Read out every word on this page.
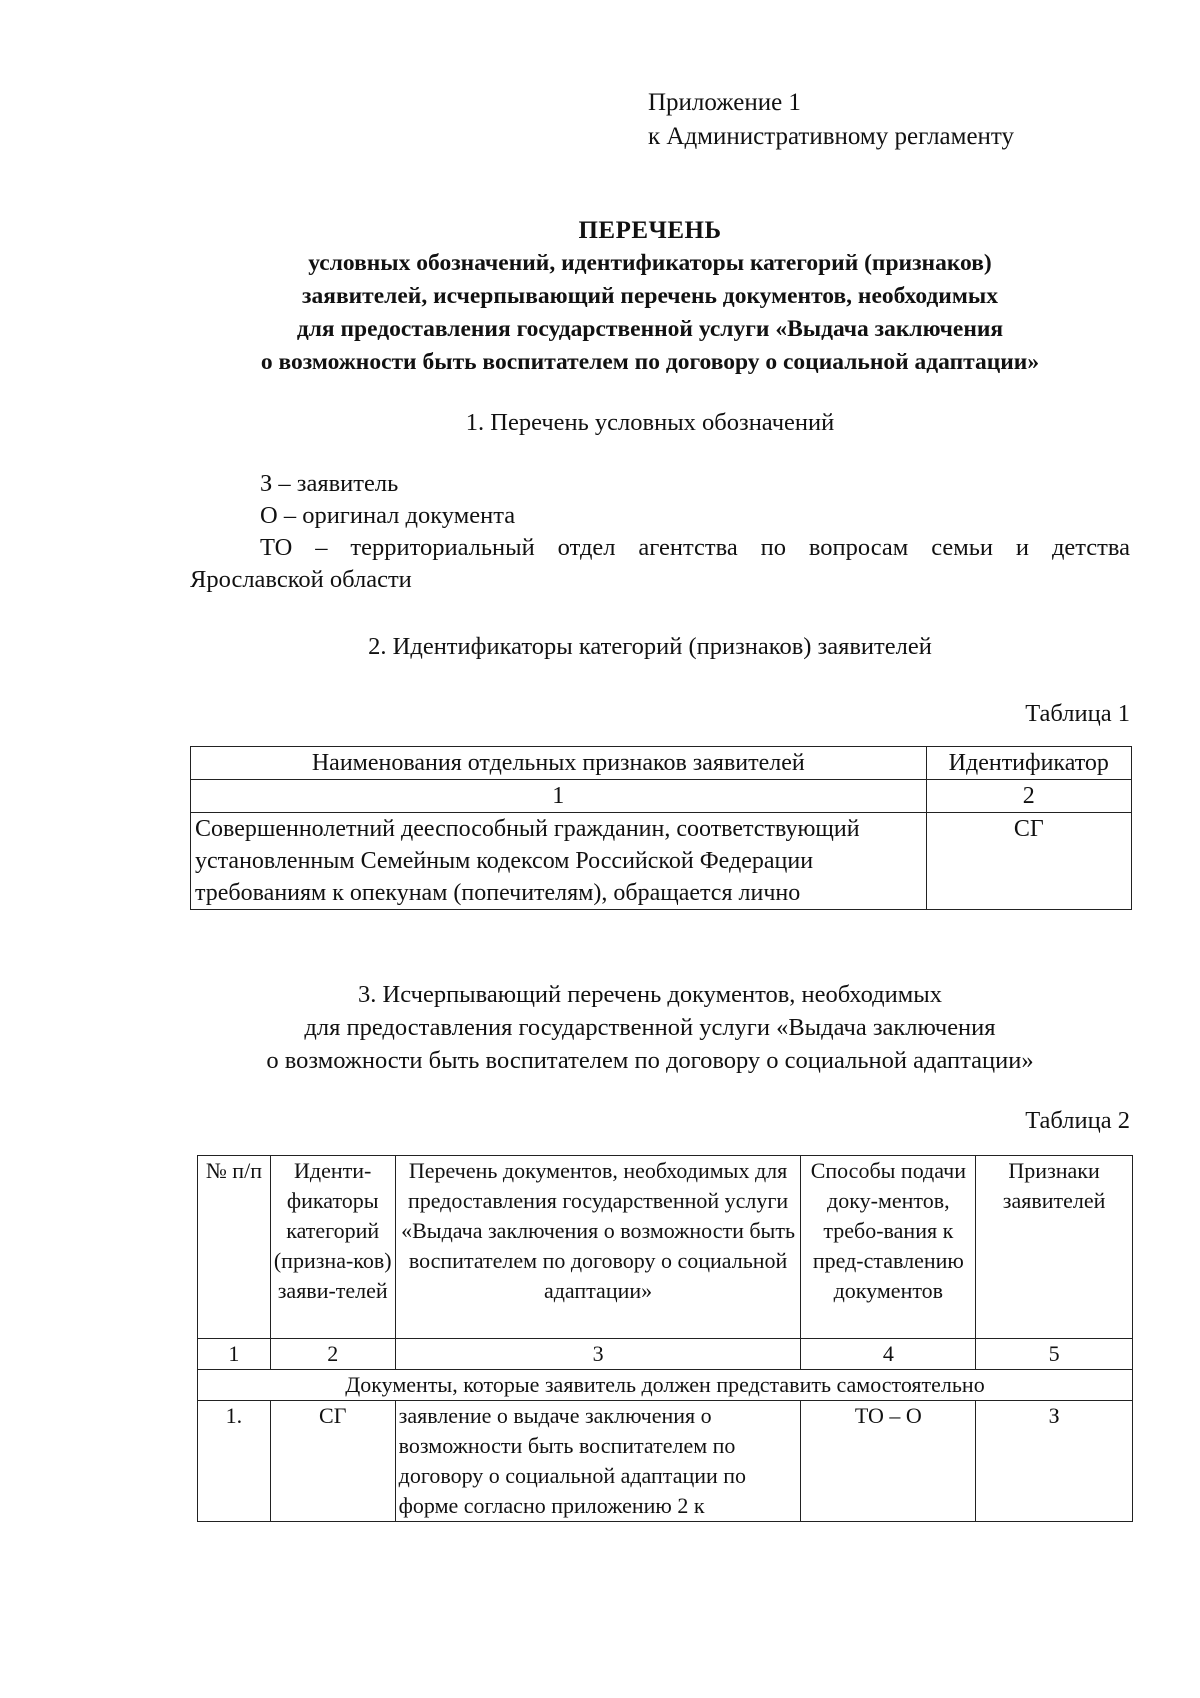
Приложение 1
к Административному регламенту
ПЕРЕЧЕНЬ
условных обозначений, идентификаторы категорий (признаков)
заявителей, исчерпывающий перечень документов, необходимых
для предоставления государственной услуги «Выдача заключения
о возможности быть воспитателем по договору о социальной адаптации»
1. Перечень условных обозначений
З – заявитель
О – оригинал документа
ТО – территориальный отдел агентства по вопросам семьи и детства
Ярославской области
2. Идентификаторы категорий (признаков) заявителей
Таблица 1
Наименования отдельных признаков заявителей	Идентификатор
1	2
Совершеннолетний дееспособный гражданин, соответствующий установленным Семейным кодексом Российской Федерации требованиям к опекунам (попечителям), обращается лично	СГ
3. Исчерпывающий перечень документов, необходимых
для предоставления государственной услуги «Выдача заключения
о возможности быть воспитателем по договору о социальной адаптации»
Таблица 2
№ п/п	Иденти-фикаторы категорий (призна-ков) заяви-телей	Перечень документов, необходимых для предоставления государственной услуги «Выдача заключения о возможности быть воспитателем по договору о социальной адаптации»	Способы подачи доку-ментов, требо-вания к пред-ставлению документов	Признаки заявителей
1	2	3	4	5
Документы, которые заявитель должен представить самостоятельно				
1.	СГ	заявление о выдаче заключения о возможности быть воспитателем по договору о социальной адаптации по форме согласно приложению 2 к	ТО – О	З
